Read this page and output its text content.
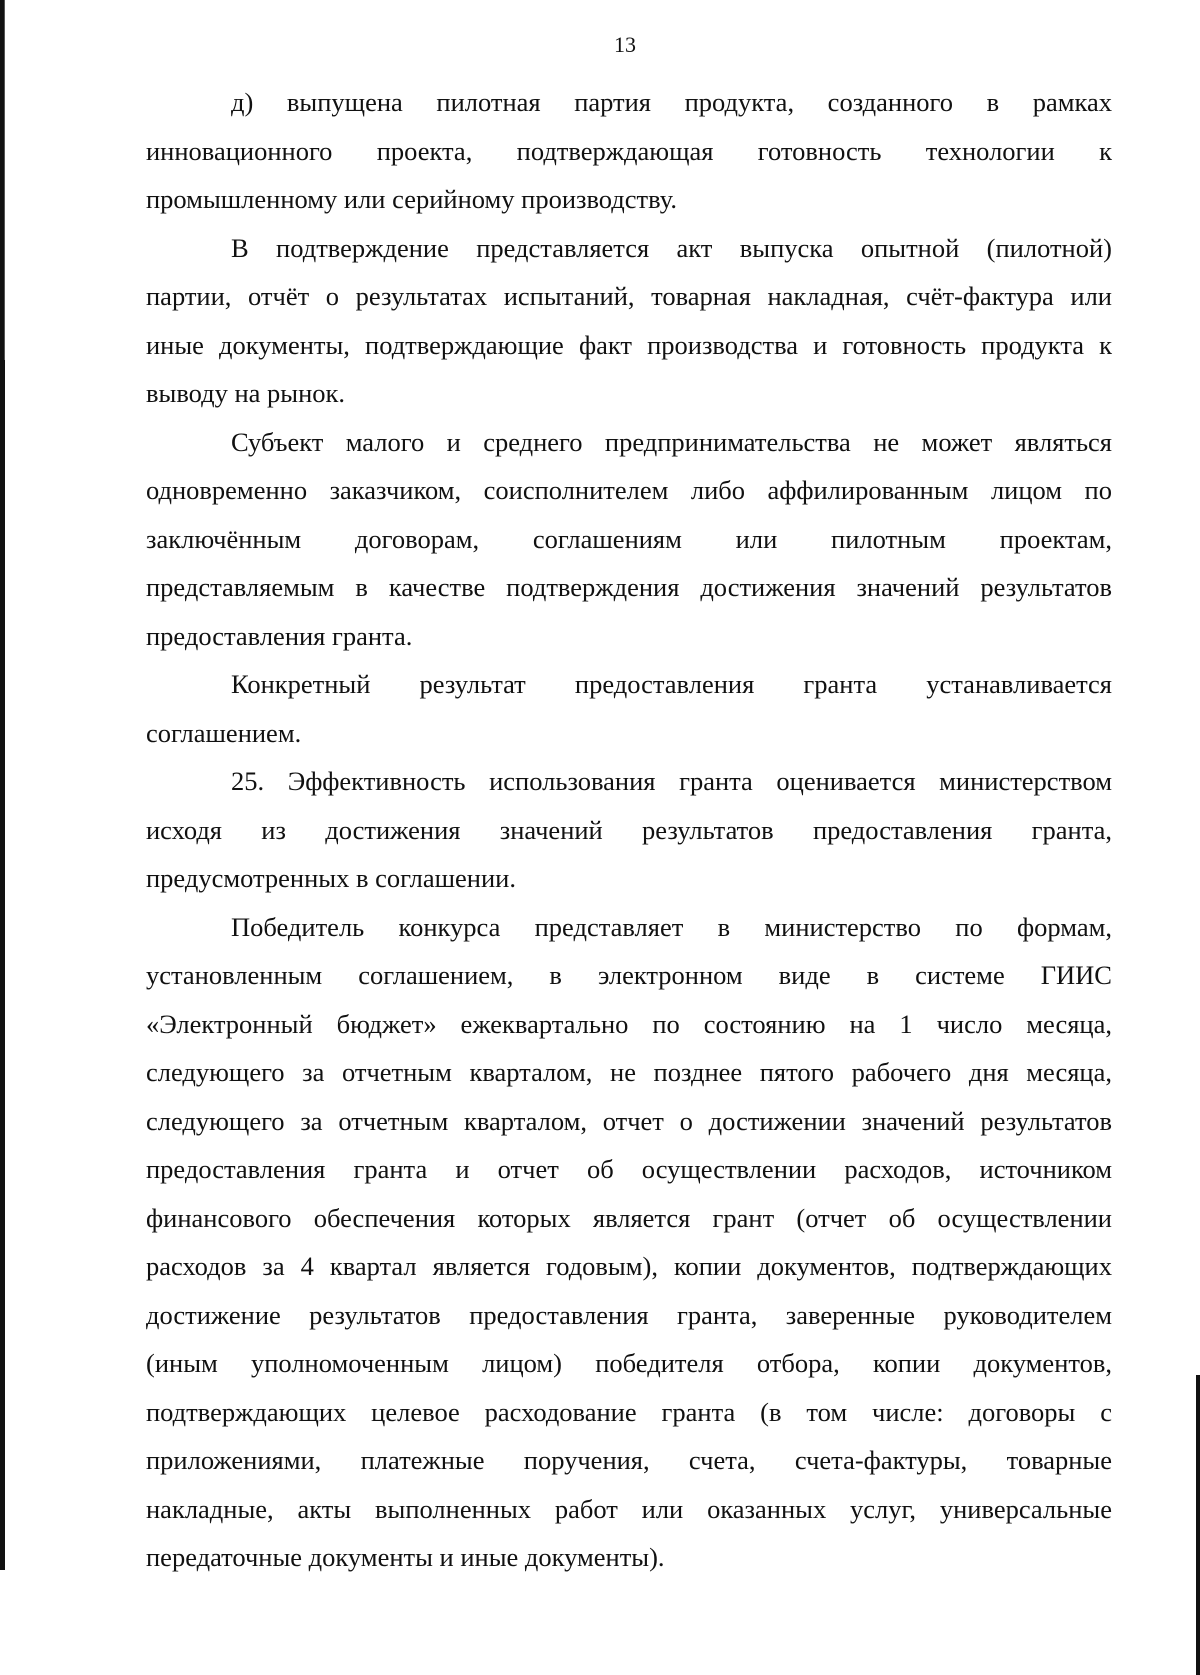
13
д) выпущена пилотная партия продукта, созданного в рамках
инновационного проекта, подтверждающая готовность технологии к
промышленному или серийному производству.
В подтверждение представляется акт выпуска опытной (пилотной)
партии, отчёт о результатах испытаний, товарная накладная, счёт-фактура или
иные документы, подтверждающие факт производства и готовность продукта к
выводу на рынок.
Субъект малого и среднего предпринимательства не может являться
одновременно заказчиком, соисполнителем либо аффилированным лицом по
заключённым договорам, соглашениям или пилотным проектам,
представляемым в качестве подтверждения достижения значений результатов
предоставления гранта.
Конкретный результат предоставления гранта устанавливается
соглашением.
25. Эффективность использования гранта оценивается министерством
исходя из достижения значений результатов предоставления гранта,
предусмотренных в соглашении.
Победитель конкурса представляет в министерство по формам,
установленным соглашением, в электронном виде в системе ГИИС
«Электронный бюджет» ежеквартально по состоянию на 1 число месяца,
следующего за отчетным кварталом, не позднее пятого рабочего дня месяца,
следующего за отчетным кварталом, отчет о достижении значений результатов
предоставления гранта и отчет об осуществлении расходов, источником
финансового обеспечения которых является грант (отчет об осуществлении
расходов за 4 квартал является годовым), копии документов, подтверждающих
достижение результатов предоставления гранта, заверенные руководителем
(иным уполномоченным лицом) победителя отбора, копии документов,
подтверждающих целевое расходование гранта (в том числе: договоры с
приложениями, платежные поручения, счета, счета-фактуры, товарные
накладные, акты выполненных работ или оказанных услуг, универсальные
передаточные документы и иные документы).
